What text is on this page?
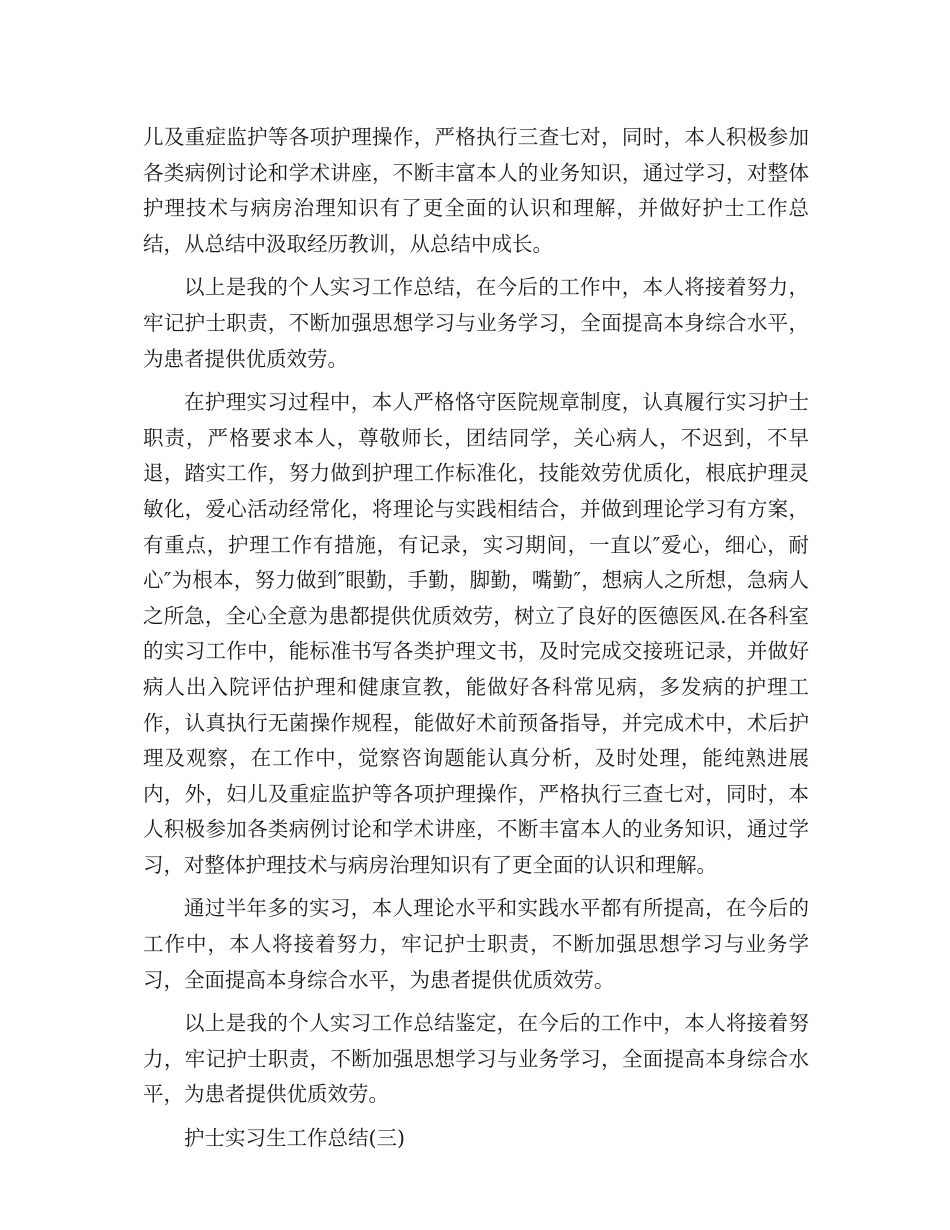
儿及重症监护等各项护理操作，严格执行三查七对，同时，本人积极参加各类病例讨论和学术讲座，不断丰富本人的业务知识，通过学习，对整体护理技术与病房治理知识有了更全面的认识和理解，并做好护士工作总结，从总结中汲取经历教训，从总结中成长。

以上是我的个人实习工作总结，在今后的工作中，本人将接着努力，牢记护士职责，不断加强思想学习与业务学习，全面提高本身综合水平，为患者提供优质效劳。

在护理实习过程中，本人严格恪守医院规章制度，认真履行实习护士职责，严格要求本人，尊敬师长，团结同学，关心病人，不迟到，不早退，踏实工作，努力做到护理工作标准化，技能效劳优质化，根底护理灵敏化，爱心活动经常化，将理论与实践相结合，并做到理论学习有方案，有重点，护理工作有措施，有记录，实习期间，一直以″爱心，细心，耐心″为根本，努力做到″眼勤，手勤，脚勤，嘴勤″，想病人之所想，急病人之所急，全心全意为患都提供优质效劳，树立了良好的医德医风.在各科室的实习工作中，能标准书写各类护理文书，及时完成交接班记录，并做好病人出入院评估护理和健康宣教，能做好各科常见病，多发病的护理工作，认真执行无菌操作规程，能做好术前预备指导，并完成术中，术后护理及观察，在工作中，觉察咨询题能认真分析，及时处理，能纯熟进展内，外，妇儿及重症监护等各项护理操作，严格执行三查七对，同时，本人积极参加各类病例讨论和学术讲座，不断丰富本人的业务知识，通过学习，对整体护理技术与病房治理知识有了更全面的认识和理解。

通过半年多的实习，本人理论水平和实践水平都有所提高，在今后的工作中，本人将接着努力，牢记护士职责，不断加强思想学习与业务学习，全面提高本身综合水平，为患者提供优质效劳。

以上是我的个人实习工作总结鉴定，在今后的工作中，本人将接着努力，牢记护士职责，不断加强思想学习与业务学习，全面提高本身综合水平，为患者提供优质效劳。

护士实习生工作总结(三)
